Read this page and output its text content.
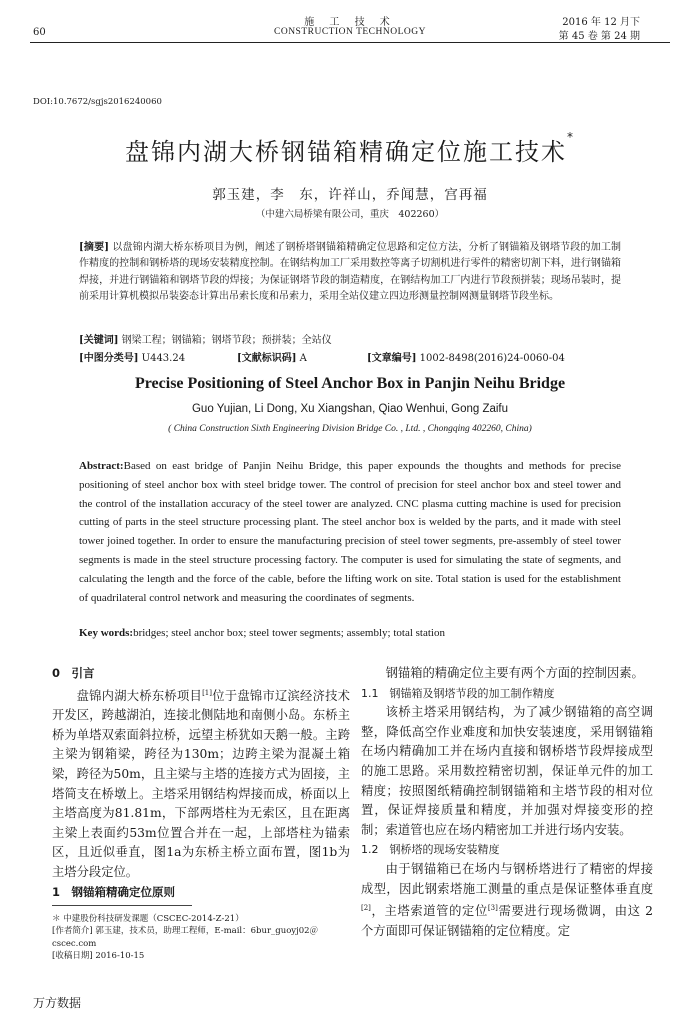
施 工 技 术
CONSTRUCTION TECHNOLOGY
60
2016 年 12 月下
第 45 卷 第 24 期
DOI:10.7672/sgjs2016240060
盘锦内湖大桥钢锚箱精确定位施工技术*
郭玉建，李　东，许祥山，乔闻慧，宫再福
（中建六局桥梁有限公司，重庆　402260）
[摘要] 以盘锦内湖大桥东桥项目为例，阐述了钢桥塔钢锚箱精确定位思路和定位方法，分析了钢锚箱及钢塔节段的加工制作精度的控制和钢桥塔的现场安装精度控制。在钢结构加工厂采用数控等离子切割机进行零件的精密切割下料，进行钢锚箱焊接，并进行钢锚箱和钢塔节段的焊接；为保证钢塔节段的制造精度，在钢结构加工厂内进行节段预拼装；现场吊装时，提前采用计算机模拟吊装姿态计算出吊索长度和吊索力，采用全站仪建立四边形测量控制网测量钢塔节段坐标。
[关键词] 钢梁工程；钢锚箱；钢塔节段；预拼装；全站仪
[中图分类号] U443.24	[文献标识码] A	[文章编号] 1002-8498(2016)24-0060-04
Precise Positioning of Steel Anchor Box in Panjin Neihu Bridge
Guo Yujian, Li Dong, Xu Xiangshan, Qiao Wenhui, Gong Zaifu
( China Construction Sixth Engineering Division Bridge Co. , Ltd. , Chongqing 402260, China)
Abstract:Based on east bridge of Panjin Neihu Bridge, this paper expounds the thoughts and methods for precise positioning of steel anchor box with steel bridge tower. The control of precision for steel anchor box and steel tower and the control of the installation accuracy of the steel tower are analyzed. CNC plasma cutting machine is used for precision cutting of parts in the steel structure processing plant. The steel anchor box is welded by the parts, and it made with steel tower joined together. In order to ensure the manufacturing precision of steel tower segments, pre-assembly of steel tower segments is made in the steel structure processing factory. The computer is used for simulating the state of segments, and calculating the length and the force of the cable, before the lifting work on site. Total station is used for the establishment of quadrilateral control network and measuring the coordinates of segments.
Key words:bridges; steel anchor box; steel tower segments; assembly; total station

0　引言

盘锦内湖大桥东桥项目[1]位于盘锦市辽滨经济技术开发区，跨越湖泊，连接北侧陆地和南侧小岛。东桥主桥为单塔双索面斜拉桥，远望主桥犹如天鹅一般。主跨主梁为钢箱梁，跨径为130m；边跨主梁为混凝土箱梁，跨径为50m，且主梁与主塔的连接方式为固接，主塔简支在桥墩上。主塔采用钢结构焊接而成，桥面以上主塔高度为81.81m，下部两塔柱为无索区，且在距离主梁上表面约53m位置合并在一起，上部塔柱为锚索区，且近似垂直，图1a为东桥主桥立面布置，图1b为主塔分段定位。

1　钢锚箱精确定位原则

钢锚箱的精确定位主要有两个方面的控制因素。

1.1　钢锚箱及钢塔节段的加工制作精度

该桥主塔采用钢结构，为了减少钢锚箱的高空调整，降低高空作业难度和加快安装速度，采用钢锚箱在场内精确加工并在场内直接和钢桥塔节段焊接成型的施工思路。采用数控精密切割，保证单元件的加工精度；按照图纸精确控制钢锚箱和主塔节段的相对位置，保证焊接质量和精度，并加强对焊接变形的控制；索道管也应在场内精密加工并进行场内安装。

1.2　钢桥塔的现场安装精度

由于钢锚箱已在场内与钢桥塔进行了精密的焊接成型，因此钢索塔施工测量的重点是保证整体垂直度[2]，主塔索道管的定位[3]需要进行现场微调，由这 2 个方面即可保证钢锚箱的定位精度。定

＊ 中建股份科技研发课题（CSCEC-2014-Z-21）
[作者简介] 郭玉建，技术员，助理工程师，E-mail：6bur_guoyj02＠cscec.com
[收稿日期] 2016-10-15
万方数据
